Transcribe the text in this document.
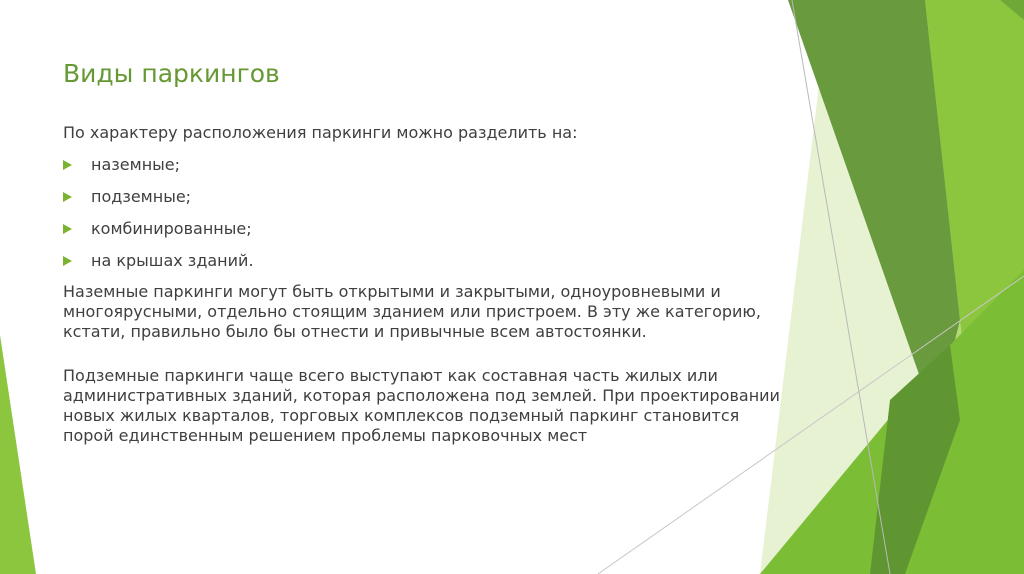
Виды паркингов

По характеру расположения паркинги можно разделить на:

наземные;
подземные;
комбинированные;
на крышах зданий.

Наземные паркинги могут быть открытыми и закрытыми, одноуровневыми и многоярусными, отдельно стоящим зданием или пристроем. В эту же категорию, кстати, правильно было бы отнести и привычные всем автостоянки.

Подземные паркинги чаще всего выступают как составная часть жилых или административных зданий, которая расположена под землей. При проектировании новых жилых кварталов, торговых комплексов подземный паркинг становится порой единственным решением проблемы парковочных мест
